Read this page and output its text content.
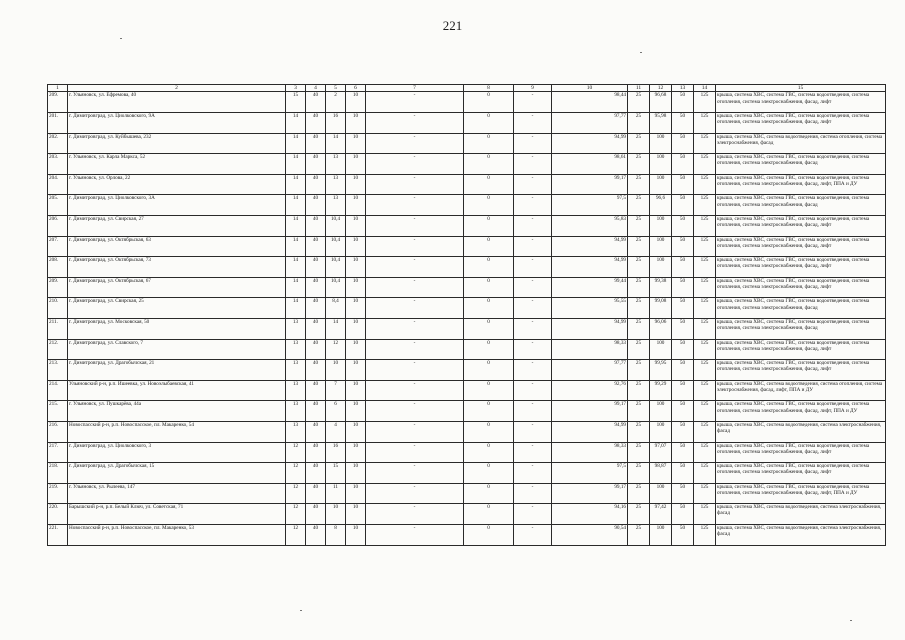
221
1	2	3	4	5	6	7	8	9	10	11	12	13	14	15
209.	г. Ульяновск, ул. Ефремова, 40	15	40	2	10	-	0	-	98,44	25	96,68	50	125	крыша, система ХВС, система ГВС, система водоотведения, система отопления, система электроснабжения, фасад, лифт
201.	г. Димитровград, ул. Циолковского, 9А	14	40	16	10	-	0	-	97,77	25	95,98	50	125	крыша, система ХВС, система ГВС, система водоотведения, система отопления, система электроснабжения, фасад, лифт
202.	г. Димитровград, ул. Куйбышева, 232	14	40	14	10	-	0	-	94,99	25	100	50	125	крыша, система ХВС, система водоотведения, система отопления, система электроснабжения, фасад
203.	г. Ульяновск, ул. Карла Маркса, 52	14	40	13	10	-	0	-	98,61	25	100	50	125	крыша, система ХВС, система ГВС, система водоотведения, система отопления, система электроснабжения, фасад
204.	г. Ульяновск, ул. Орлова, 22	14	40	13	10	-	0	-	99,17	25	100	50	125	крыша, система ХВС, система ГВС, система водоотведения, система отопления, система электроснабжения, фасад, лифт, ППА и ДУ
205.	г. Димитровград, ул. Циолковского, 3А	14	40	13	10	-	0	-	97,5	25	96,6	50	125	крыша, система ХВС, система ГВС, система водоотведения, система отопления, система электроснабжения, фасад
206.	г. Димитровград, ул. Свирская, 27	14	40	10,4	10	-	0	-	95,83	25	100	50	125	крыша, система ХВС, система ГВС, система водоотведения, система отопления, система электроснабжения, фасад, лифт
207.	г. Димитровград, ул. Октябрьская, 63	14	40	10,4	10	-	0	-	94,99	25	100	50	125	крыша, система ХВС, система ГВС, система водоотведения, система отопления, система электроснабжения, фасад, лифт
208.	г. Димитровград, ул. Октябрьская, 73	14	40	10,4	10	-	0	-	94,99	25	100	50	125	крыша, система ХВС, система ГВС, система водоотведения, система отопления, система электроснабжения, фасад, лифт
209.	г. Димитровград, ул. Октябрьская, 67	14	40	10,4	10	-	0	-	99,44	25	99,38	50	125	крыша, система ХВС, система ГВС, система водоотведения, система отопления, система электроснабжения, фасад, лифт
210.	г. Димитровград, ул. Свирская, 25	14	40	8,4	10	-	0	-	95,55	25	99,08	50	125	крыша, система ХВС, система ГВС, система водоотведения, система отопления, система электроснабжения, фасад
211.	г. Димитровград, ул. Московская, 50	13	40	14	10	-	0	-	94,99	25	96,06	50	125	крыша, система ХВС, система ГВС, система водоотведения, система отопления, система электроснабжения, фасад
212.	г. Димитровград, ул. Славского, 7	13	40	12	10	-	0	-	98,33	25	100	50	125	крыша, система ХВС, система ГВС, система водоотведения, система отопления, система электроснабжения, фасад, лифт
213.	г. Димитровград, ул. Драгобычская, 21	13	40	10	10	-	0	-	97,77	25	99,95	50	125	крыша, система ХВС, система ГВС, система водоотведения, система отопления, система электроснабжения, фасад, лифт
214.	Ульяновский р-н, р.п. Ишеевка, ул. Новоэлыбаевская, 41	13	40	7	10	-	0	-	92,76	25	99,29	50	125	крыша, система ХВС, система водоотведения, система отопления, система электроснабжения, фасад, лифт, ППА и ДУ
215.	г. Ульяновск, ул. Пушкарёва, 44а	13	40	6	10	-	0	-	99,17	25	100	50	125	крыша, система ХВС, система ГВС, система водоотведения, система отопления, система электроснабжения, фасад, лифт, ППА и ДУ
216.	Новоспасский р-н, р.п. Новоспасское, пл. Макаренко, 54	13	40	4	10	-	0	-	94,99	25	100	50	125	крыша, система ХВС, система водоотведения, система электроснабжения, фасад
217.	г. Димитровград, ул. Циолковского, 3	12	40	16	10	-	0	-	98,33	25	97,07	50	125	крыша, система ХВС, система ГВС, система водоотведения, система отопления, система электроснабжения, фасад, лифт
218.	г. Димитровград, ул. Драгобычская, 15	12	40	15	10	-	0	-	97,5	25	98,87	50	125	крыша, система ХВС, система ГВС, система водоотведения, система отопления, система электроснабжения, фасад, лифт
219.	г. Ульяновск, ул. Рылеева, 147	12	40	11	10	-	0	-	99,17	25	100	50	125	крыша, система ХВС, система ГВС, система водоотведения, система отопления, система электроснабжения, фасад, лифт, ППА и ДУ
220.	Барышский р-н, р.п. Белый Ключ, ул. Советская, 71	12	40	10	10	-	0	-	94,16	25	97,42	50	125	крыша, система ХВС, система водоотведения, система электроснабжения, фасад
221.	Новоспасский р-н, р.п. Новоспасское, пл. Макаренко, 53	12	40	8	10	-	0	-	90,54	25	100	50	125	крыша, система ХВС, система водоотведения, система электроснабжения, фасад
